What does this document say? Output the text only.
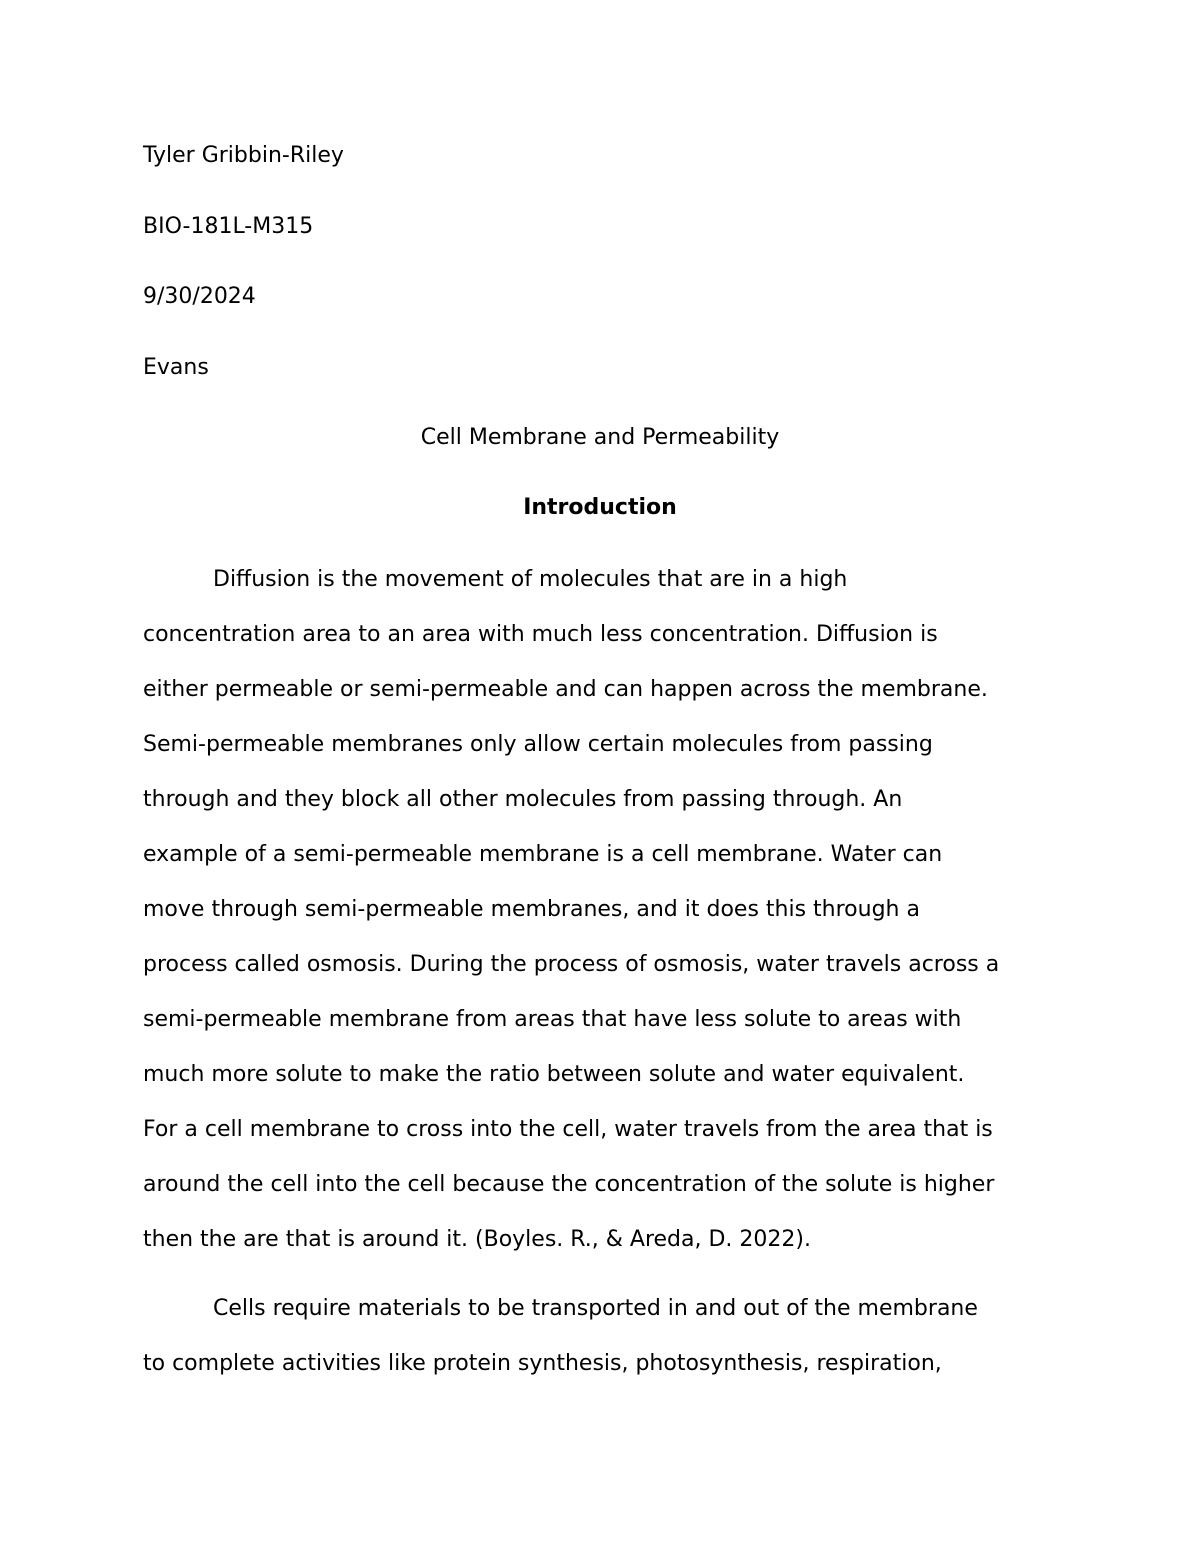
Tyler Gribbin-Riley

BIO-181L-M315

9/30/2024

Evans

Cell Membrane and Permeability

Introduction

Diffusion is the movement of molecules that are in a high
concentration area to an area with much less concentration. Diffusion is
either permeable or semi-permeable and can happen across the membrane.
Semi-permeable membranes only allow certain molecules from passing
through and they block all other molecules from passing through. An
example of a semi-permeable membrane is a cell membrane. Water can
move through semi-permeable membranes, and it does this through a
process called osmosis. During the process of osmosis, water travels across a
semi-permeable membrane from areas that have less solute to areas with
much more solute to make the ratio between solute and water equivalent.
For a cell membrane to cross into the cell, water travels from the area that is
around the cell into the cell because the concentration of the solute is higher
then the are that is around it. (Boyles. R., & Areda, D. 2022).
Cells require materials to be transported in and out of the membrane
to complete activities like protein synthesis, photosynthesis, respiration,
